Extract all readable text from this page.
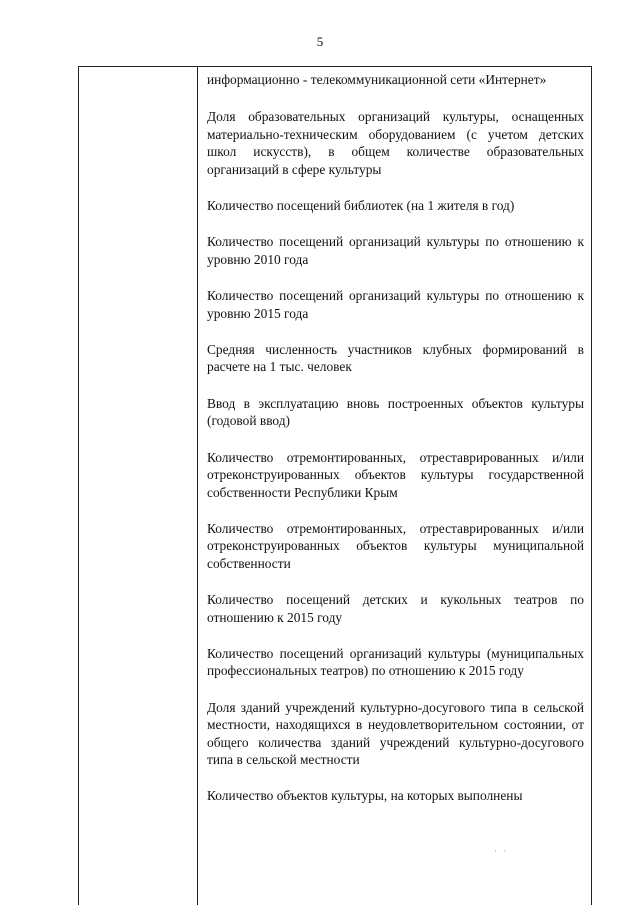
5

информационно - телекоммуникационной сети «Интернет»

Доля образовательных организаций культуры, оснащенных материально-техническим оборудованием (с учетом детских школ искусств), в общем количестве образовательных организаций в сфере культуры

Количество посещений библиотек (на 1 жителя в год)

Количество посещений организаций культуры по отношению к уровню 2010 года

Количество посещений организаций культуры по отношению к уровню 2015 года

Средняя численность участников клубных формирований в расчете на 1 тыс. человек

Ввод в эксплуатацию вновь построенных объектов культуры (годовой ввод)

Количество отремонтированных, отреставрированных и/или отреконструированных объектов культуры государственной собственности Республики Крым

Количество отремонтированных, отреставрированных и/или отреконструированных объектов культуры муниципальной собственности

Количество посещений детских и кукольных театров по отношению к 2015 году

Количество посещений организаций культуры (муниципальных профессиональных театров) по отношению к 2015 году

Доля зданий учреждений культурно-досугового типа в сельской местности, находящихся в неудовлетворительном состоянии, от общего количества зданий учреждений культурно-досугового типа в сельской местности

Количество объектов культуры, на которых выполнены

· ·
